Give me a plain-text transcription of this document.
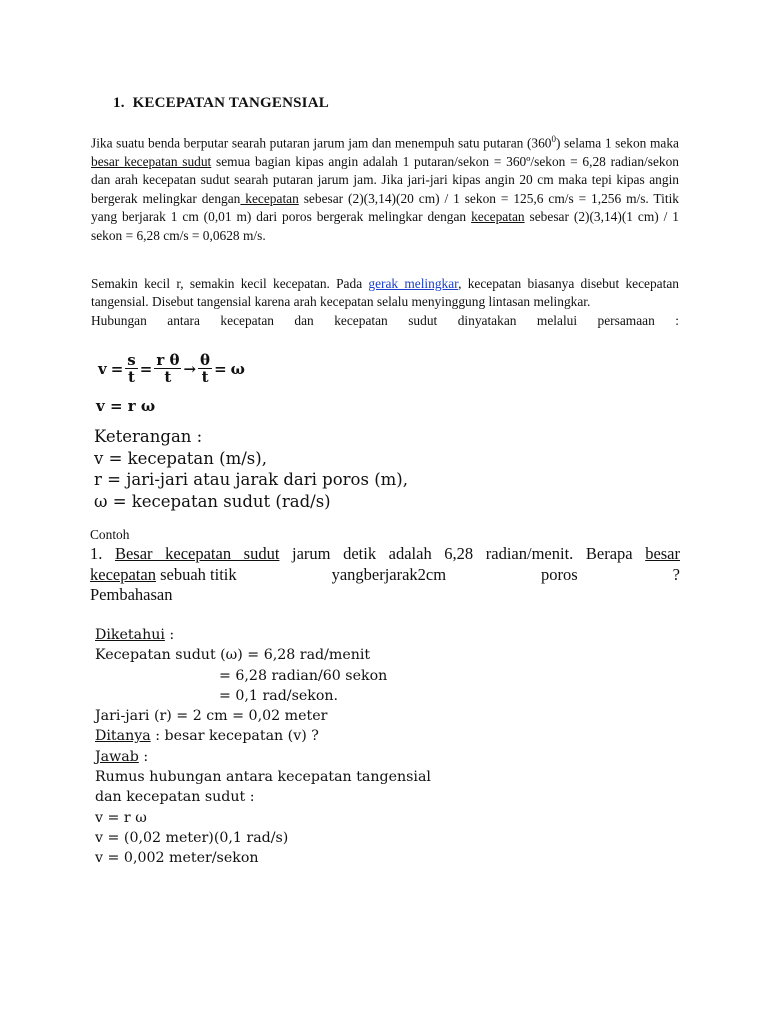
1. KECEPATAN TANGENSIAL

Jika suatu benda berputar searah putaran jarum jam dan menempuh satu putaran $(360^0)$ selama 1 sekon maka besar kecepatan sudut semua bagian kipas angin adalah 1 putaran/sekon = 360º/sekon = 6,28 radian/sekon dan arah kecepatan sudut searah putaran jarum jam. Jika jari-jari kipas angin 20 cm maka tepi kipas angin bergerak melingkar dengan kecepatan sebesar (2)(3,14)(20 cm) / 1 sekon = 125,6 cm/s = 1,256 m/s. Titik yang berjarak 1 cm (0,01 m) dari poros bergerak melingkar dengan kecepatan sebesar (2)(3,14)(1 cm) / 1 sekon = 6,28 cm/s = 0,0628 m/s.

Semakin kecil r, semakin kecil kecepatan. Pada gerak melingkar, kecepatan biasanya disebut kecepatan tangensial. Disebut tangensial karena arah kecepatan selalu menyinggung lintasan melingkar.

Hubungan antara kecepatan dan kecepatan sudut dinyatakan melalui persamaan :

$v = \frac{s}{t} = \frac{\text{r θ}}{t} \to \frac{\theta}{t} = \omega$
v = r ω
Keterangan :
v = kecepatan (m/s),
r = jari-jari atau jarak dari poros (m),
ω = kecepatan sudut (rad/s)
Contoh
1. Besar kecepatan sudut jarum detik adalah 6,28 radian/menit. Berapa besar
kecepatan sebuah titik	yangberjarak2cm	poros	?
Pembahasan
Diketahui :
Kecepatan sudut (ω) = 6,28 rad/menit
= 6,28 radian/60 sekon
= 0,1 rad/sekon.
Jari-jari (r) = 2 cm = 0,02 meter
Ditanya : besar kecepatan (v) ?
Jawab :
Rumus hubungan antara kecepatan tangensial
dan kecepatan sudut :
v = r ω
v = (0,02 meter)(0,1 rad/s)
v = 0,002 meter/sekon
